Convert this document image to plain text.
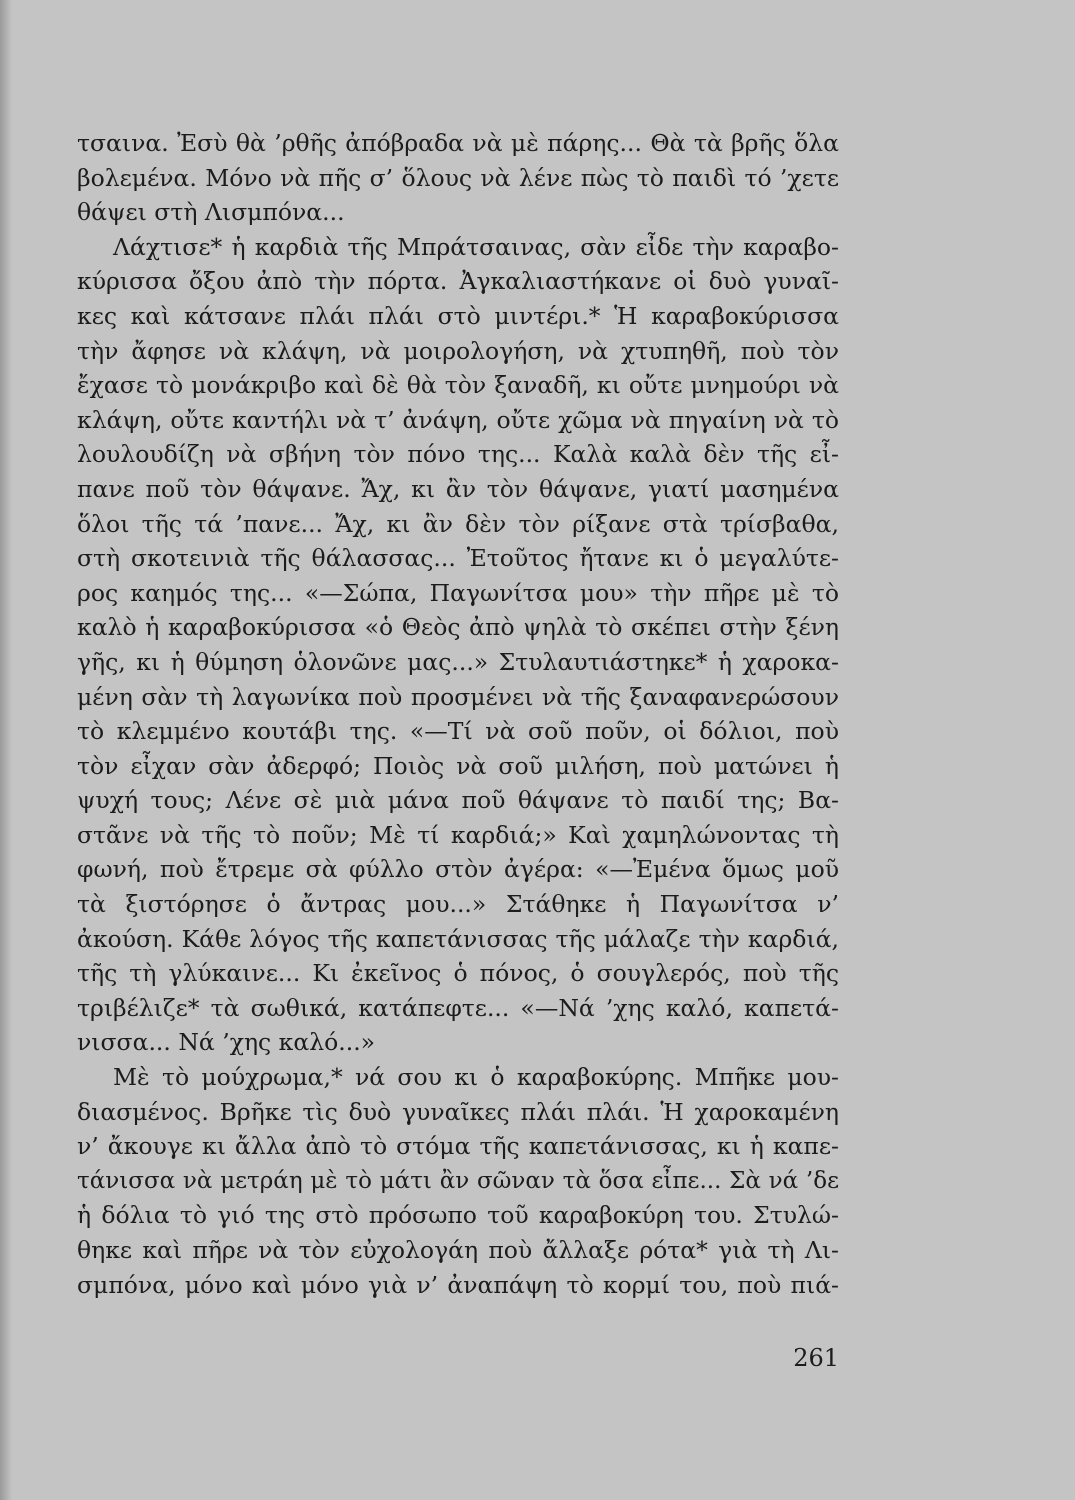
τσαινα. Ἐσὺ θὰ ’ρθῆς ἀπόβραδα νὰ μὲ πάρης... Θὰ τὰ βρῆς ὅλα
βολεμένα. Μόνο νὰ πῆς σ’ ὅλους νὰ λένε πὼς τὸ παιδὶ τό ’χετε
θάψει στὴ Λισμπόνα...
Λάχτισε* ἡ καρδιὰ τῆς Μπράτσαινας, σὰν εἶδε τὴν καραβο-
κύρισσα ὄξου ἀπὸ τὴν πόρτα. Ἀγκαλιαστήκανε οἱ δυὸ γυναῖ-
κες καὶ κάτσανε πλάι πλάι στὸ μιντέρι.* Ἡ καραβοκύρισσα
τὴν ἄφησε νὰ κλάψη, νὰ μοιρολογήση, νὰ χτυπηθῆ, ποὺ τὸν
ἔχασε τὸ μονάκριβο καὶ δὲ θὰ τὸν ξαναδῆ, κι οὔτε μνημούρι νὰ
κλάψη, οὔτε καντήλι νὰ τ’ ἀνάψη, οὔτε χῶμα νὰ πηγαίνη νὰ τὸ
λουλουδίζη νὰ σβήνη τὸν πόνο της... Καλὰ καλὰ δὲν τῆς εἶ-
πανε ποῦ τὸν θάψανε. Ἄχ, κι ἂν τὸν θάψανε, γιατί μασημένα
ὅλοι τῆς τά ’πανε... Ἄχ, κι ἂν δὲν τὸν ρίξανε στὰ τρίσβαθα,
στὴ σκοτεινιὰ τῆς θάλασσας... Ἐτοῦτος ἤτανε κι ὁ μεγαλύτε-
ρος καημός της... «—Σώπα, Παγωνίτσα μου» τὴν πῆρε μὲ τὸ
καλὸ ἡ καραβοκύρισσα «ὁ Θεὸς ἀπὸ ψηλὰ τὸ σκέπει στὴν ξένη
γῆς, κι ἡ θύμηση ὁλονῶνε μας...» Στυλαυτιάστηκε* ἡ χαροκα-
μένη σὰν τὴ λαγωνίκα ποὺ προσμένει νὰ τῆς ξαναφανερώσουν
τὸ κλεμμένο κουτάβι της. «—Τί νὰ σοῦ ποῦν, οἱ δόλιοι, ποὺ
τὸν εἶχαν σὰν ἀδερφό; Ποιὸς νὰ σοῦ μιλήση, ποὺ ματώνει ἡ
ψυχή τους; Λένε σὲ μιὰ μάνα ποῦ θάψανε τὸ παιδί της; Βα-
στᾶνε νὰ τῆς τὸ ποῦν; Μὲ τί καρδιά;» Καὶ χαμηλώνοντας τὴ
φωνή, ποὺ ἔτρεμε σὰ φύλλο στὸν ἀγέρα: «—Ἐμένα ὅμως μοῦ
τὰ ξιστόρησε ὁ ἄντρας μου...» Στάθηκε ἡ Παγωνίτσα ν’
ἀκούση. Κάθε λόγος τῆς καπετάνισσας τῆς μάλαζε τὴν καρδιά,
τῆς τὴ γλύκαινε... Κι ἐκεῖνος ὁ πόνος, ὁ σουγλερός, ποὺ τῆς
τριβέλιζε* τὰ σωθικά, κατάπεφτε... «—Νά ’χης καλό, καπετά-
νισσα... Νά ’χης καλό...»
Μὲ τὸ μούχρωμα,* νά σου κι ὁ καραβοκύρης. Μπῆκε μου-
διασμένος. Βρῆκε τὶς δυὸ γυναῖκες πλάι πλάι. Ἡ χαροκαμένη
ν’ ἄκουγε κι ἄλλα ἀπὸ τὸ στόμα τῆς καπετάνισσας, κι ἡ καπε-
τάνισσα νὰ μετράη μὲ τὸ μάτι ἂν σῶναν τὰ ὅσα εἶπε... Σὰ νά ’δε
ἡ δόλια τὸ γιό της στὸ πρόσωπο τοῦ καραβοκύρη του. Στυλώ-
θηκε καὶ πῆρε νὰ τὸν εὐχολογάη ποὺ ἄλλαξε ρότα* γιὰ τὴ Λι-
σμπόνα, μόνο καὶ μόνο γιὰ ν’ ἀναπάψη τὸ κορμί του, ποὺ πιά-
261
